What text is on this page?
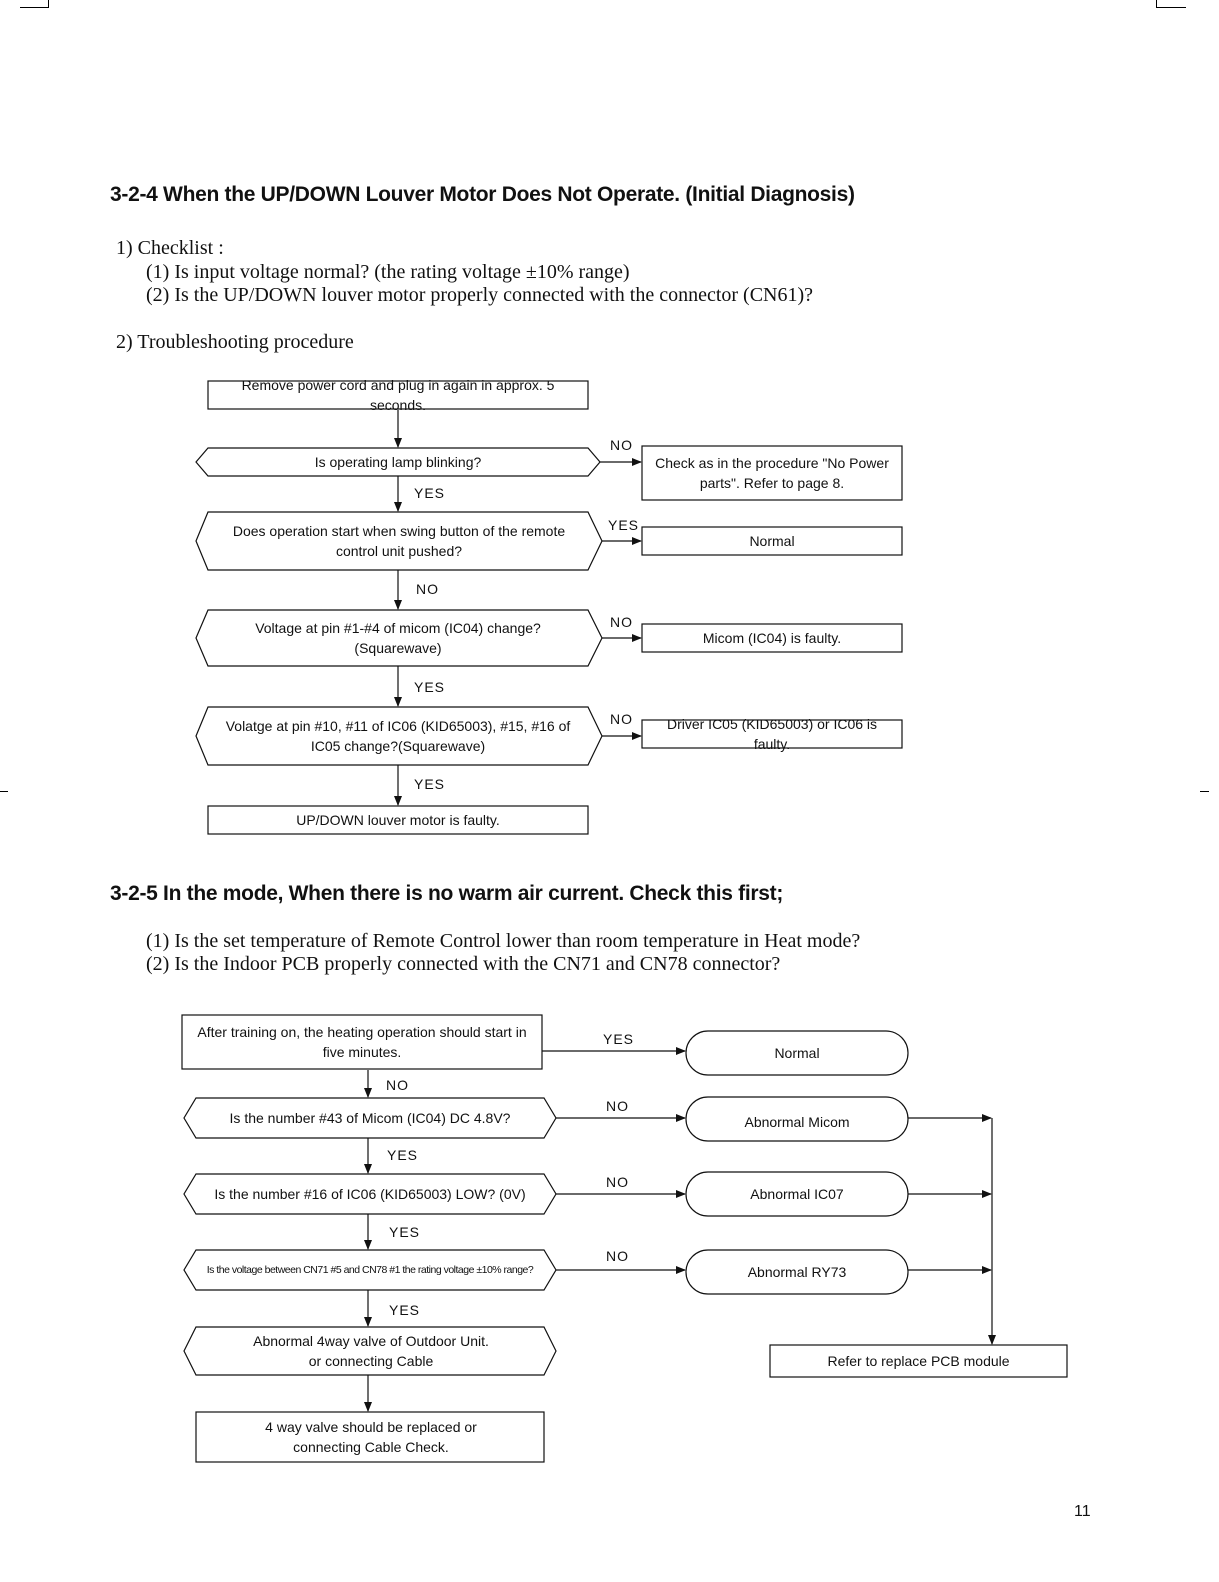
3-2-4 When the UP/DOWN Louver Motor Does Not Operate. (Initial Diagnosis)
1) Checklist :
(1) Is input voltage normal? (the rating voltage ±10% range)
(2) Is the UP/DOWN louver motor properly connected with the connector (CN61)?
2) Troubleshooting procedure
Remove power cord and plug in again in approx. 5 seconds.
Is operating lamp blinking?	Check as in the procedure "No Power parts". Refer to page 8.
Does operation start when swing button of the remote control unit pushed?
Normal
Voltage at pin #1-#4 of micom (IC04) change?(Squarewave)
Micom (IC04) is faulty.
Volatge at pin #10, #11 of IC06 (KID65003), #15, #16 of IC05 change?(Squarewave)
Driver IC05 (KID65003) or IC06 is faulty.
UP/DOWN louver motor is faulty.
NO
YES
YES
NO
NO
YES
NO
YES
3-2-5 In the mode, When there is no warm air current. Check this first;
(1) Is the set temperature of Remote Control lower than room temperature in Heat mode?
(2) Is the Indoor PCB properly connected with the CN71 and CN78 connector?
After training on, the heating operation should start in five minutes.	Normal
Is the number #43 of Micom (IC04) DC 4.8V?	Abnormal Micom
Is the number #16 of IC06 (KID65003) LOW? (0V)	Abnormal IC07
Is the voltage between CN71 #5 and CN78 #1 the rating voltage ±10% range?	Abnormal RY73
Abnormal 4way valve of Outdoor Unit. or connecting Cable
4 way valve should be replaced or connecting Cable Check.
Refer to replace PCB module
YES
NO
NO
YES
NO
YES
NO
YES
11
